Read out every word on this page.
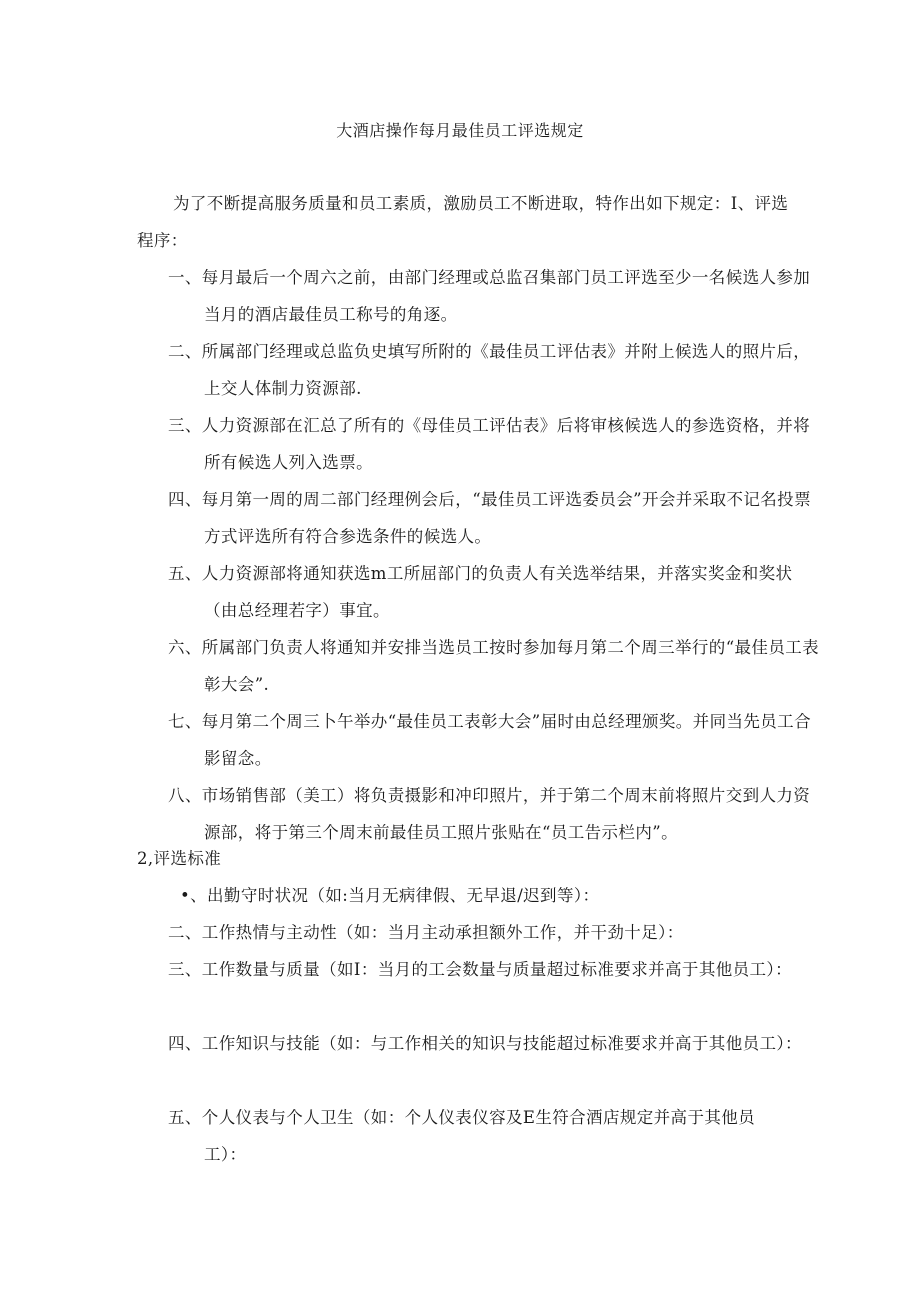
大酒店操作每月最佳员工评选规定

为了不断提高服务质量和员工素质，激励员工不断进取，特作出如下规定：I、评选程序：

一、每月最后一个周六之前，由部门经理或总监召集部门员工评选至少一名候选人参加当月的酒店最佳员工称号的角逐。

二、所属部门经理或总监负史填写所附的《最佳员工评估表》并附上候选人的照片后，上交人体制力资源部.

三、人力资源部在汇总了所有的《母佳员工评估表》后将审核候选人的参选资格，并将所有候选人列入选票。

四、每月第一周的周二部门经理例会后，“最佳员工评选委员会”开会并采取不记名投票方式评选所有符合参选条件的候选人。

五、人力资源部将通知获选m工所屈部门的负责人有关选举结果，并落实奖金和奖状（由总经理若字）事宜。

六、所属部门负责人将通知并安排当选员工按时参加每月第二个周三举行的“最佳员工表彰大会”.

七、每月第二个周三卜午举办“最佳员工表彰大会”届时由总经理颁奖。并同当先员工合影留念。

八、市场销售部（美工）将负责摄影和冲印照片，并于第二个周末前将照片交到人力资源部，将于第三个周末前最佳员工照片张贴在“员工告示栏内”。

2,评选标准

•、出勤守时状况（如:当月无病律假、无早退/迟到等）：

二、工作热情与主动性（如：当月主动承担额外工作，并干劲十足）：

三、工作数量与质量（如I：当月的工会数量与质量超过标准要求并高于其他员工）：

四、工作知识与技能（如：与工作相关的知识与技能超过标准要求并高于其他员工）：

五、个人仪表与个人卫生（如：个人仪表仪容及E生符合酒店规定并高于其他员工）：
